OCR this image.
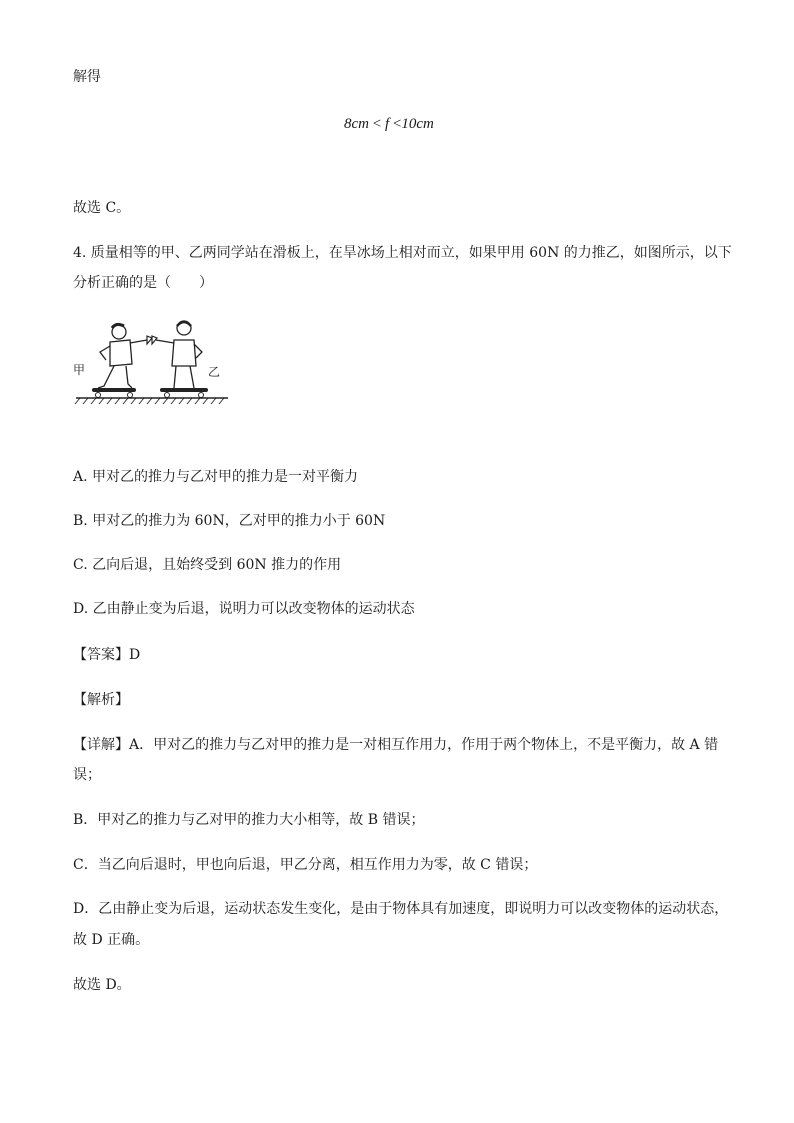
解得
8cm < f <10cm
故选 C。
4. 质量相等的甲、乙两同学站在滑板上，在旱冰场上相对而立，如果甲用 60N 的力推乙，如图所示，以下
分析正确的是（　　）
甲	乙
A. 甲对乙的推力与乙对甲的推力是一对平衡力
B. 甲对乙的推力为 60N，乙对甲的推力小于 60N
C. 乙向后退，且始终受到 60N 推力的作用
D. 乙由静止变为后退，说明力可以改变物体的运动状态
【答案】D
【解析】
【详解】A．甲对乙的推力与乙对甲的推力是一对相互作用力，作用于两个物体上，不是平衡力，故 A 错
误；
B．甲对乙的推力与乙对甲的推力大小相等，故 B 错误；
C．当乙向后退时，甲也向后退，甲乙分离，相互作用力为零，故 C 错误；
D．乙由静止变为后退，运动状态发生变化，是由于物体具有加速度，即说明力可以改变物体的运动状态，
故 D 正确。
故选 D。
